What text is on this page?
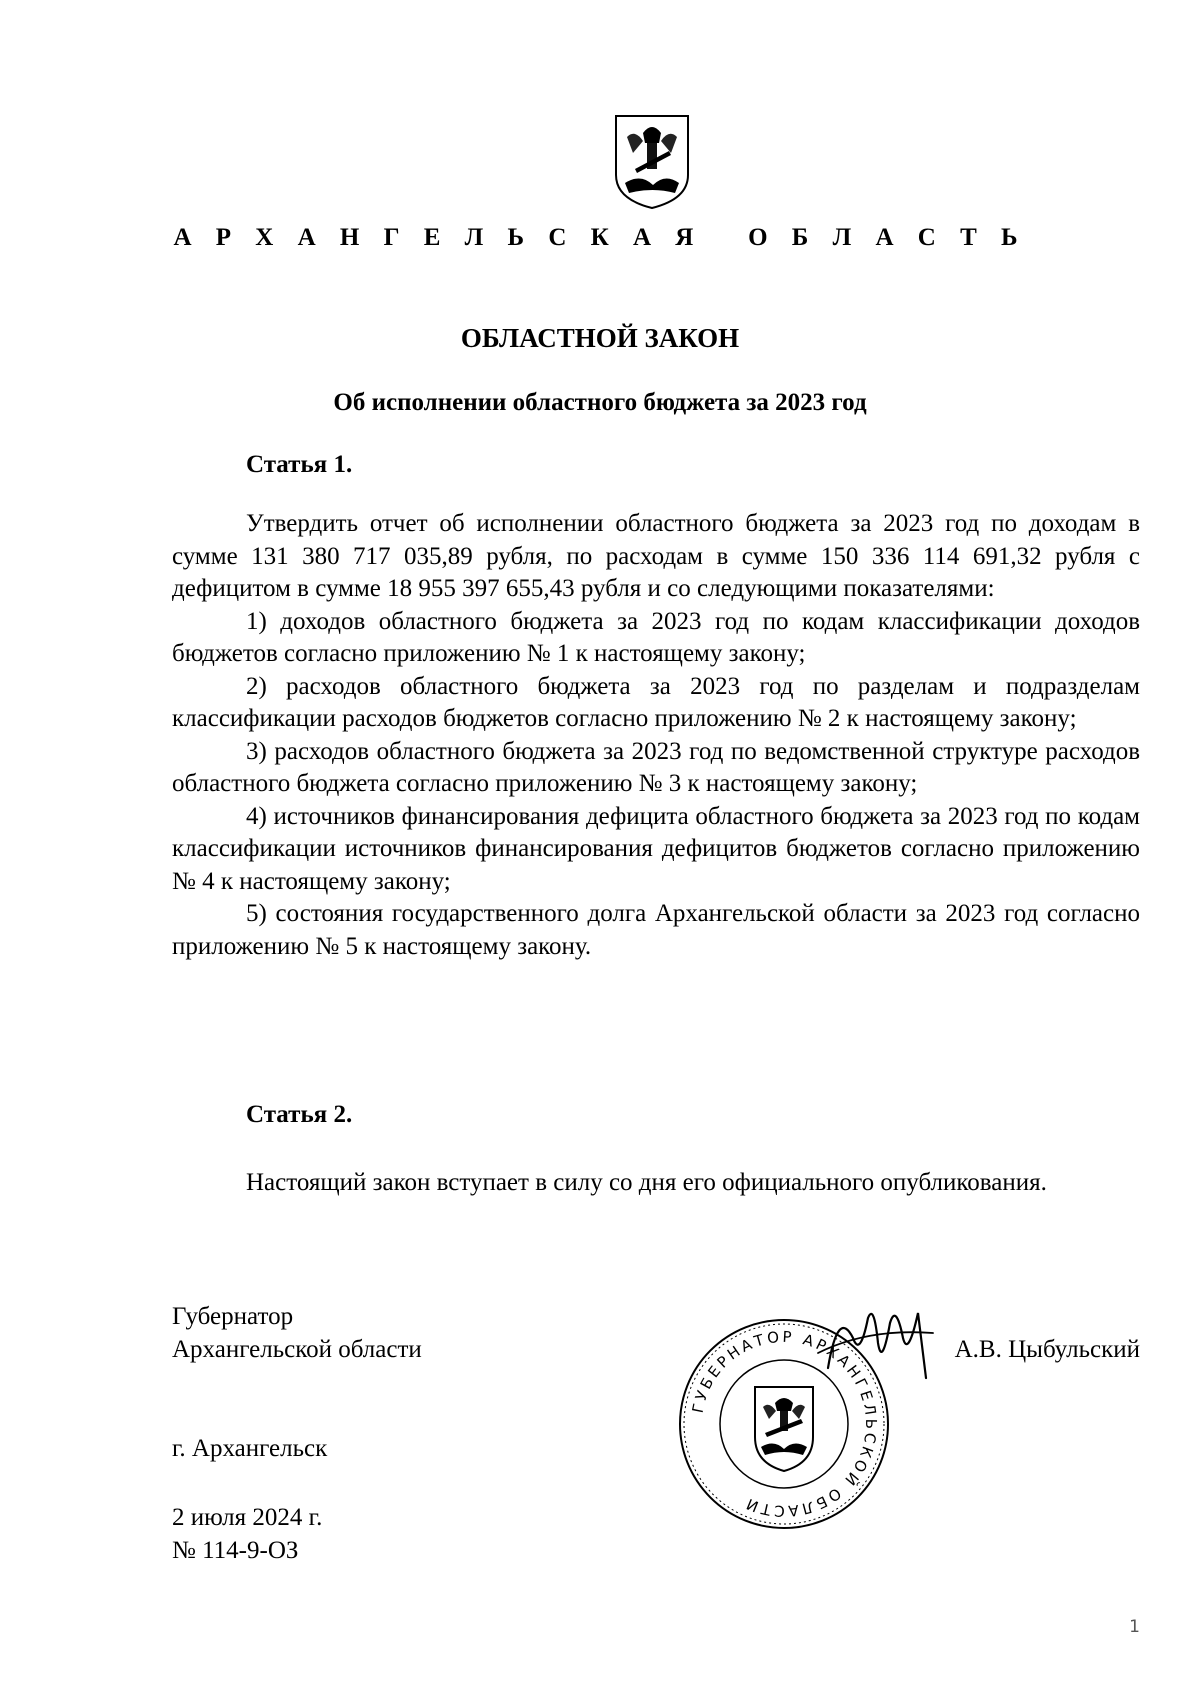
А Р Х А Н Г Е Л Ь С К А Я   О Б Л А С Т Ь
ОБЛАСТНОЙ ЗАКОН
Об исполнении областного бюджета за 2023 год
Статья 1.

Утвердить отчет об исполнении областного бюджета за 2023 год по доходам в сумме 131 380 717 035,89 рубля, по расходам в сумме 150 336 114 691,32 рубля с дефицитом в сумме 18 955 397 655,43 рубля и со следующими показателями:

1) доходов областного бюджета за 2023 год по кодам классификации доходов бюджетов согласно приложению № 1 к настоящему закону;

2) расходов областного бюджета за 2023 год по разделам и подразделам классификации расходов бюджетов согласно приложению № 2 к настоящему закону;

3) расходов областного бюджета за 2023 год по ведомственной структуре расходов областного бюджета согласно приложению № 3 к настоящему закону;

4) источников финансирования дефицита областного бюджета за 2023 год по кодам классификации источников финансирования дефицитов бюджетов согласно приложению № 4 к настоящему закону;

5) состояния государственного долга Архангельской области за 2023 год согласно приложению № 5 к настоящему закону.

Статья 2.

Настоящий закон вступает в силу со дня его официального опубликования.

Губернатор
Архангельской области	А.В. Цыбульский
ГУБЕРНАТОР АРХАНГЕЛЬСКОЙ ОБЛАСТИ
г. Архангельск
2 июля 2024 г.
№ 114-9-ОЗ
1
